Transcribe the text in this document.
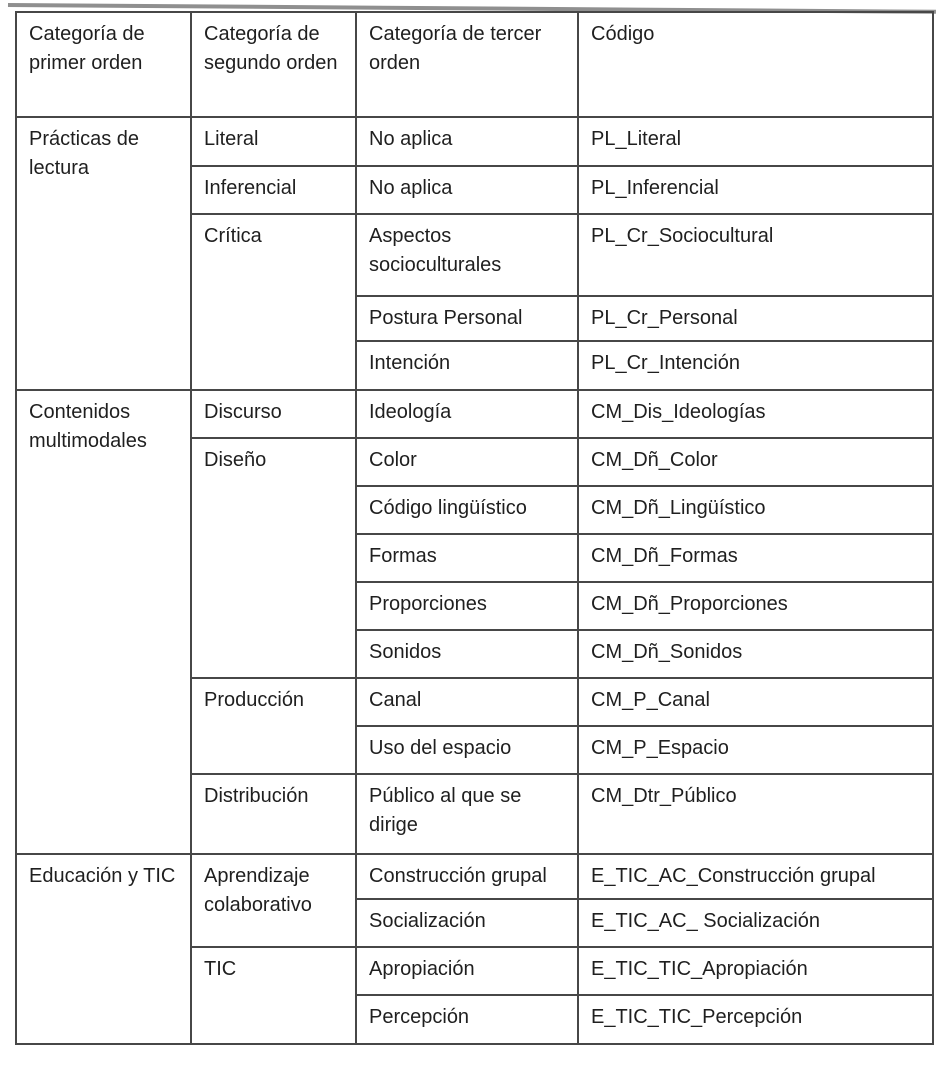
Categoría de primer orden	Categoría de segundo orden	Categoría de tercer orden	Código
Prácticas de lectura	Literal	No aplica	PL_Literal
	Inferencial	No aplica	PL_Inferencial
	Crítica	Aspectos socioculturales	PL_Cr_Sociocultural
		Postura Personal	PL_Cr_Personal
		Intención	PL_Cr_Intención
Contenidos multimodales	Discurso	Ideología	CM_Dis_Ideologías
	Diseño	Color	CM_Dñ_Color
		Código lingüístico	CM_Dñ_Lingüístico
		Formas	CM_Dñ_Formas
		Proporciones	CM_Dñ_Proporciones
		Sonidos	CM_Dñ_Sonidos
	Producción	Canal	CM_P_Canal
		Uso del espacio	CM_P_Espacio
	Distribución	Público al que se dirige	CM_Dtr_Público
Educación y TIC	Aprendizaje colaborativo	Construcción grupal	E_TIC_AC_Construcción grupal
		Socialización	E_TIC_AC_ Socialización
	TIC	Apropiación	E_TIC_TIC_Apropiación
		Percepción	E_TIC_TIC_Percepción
